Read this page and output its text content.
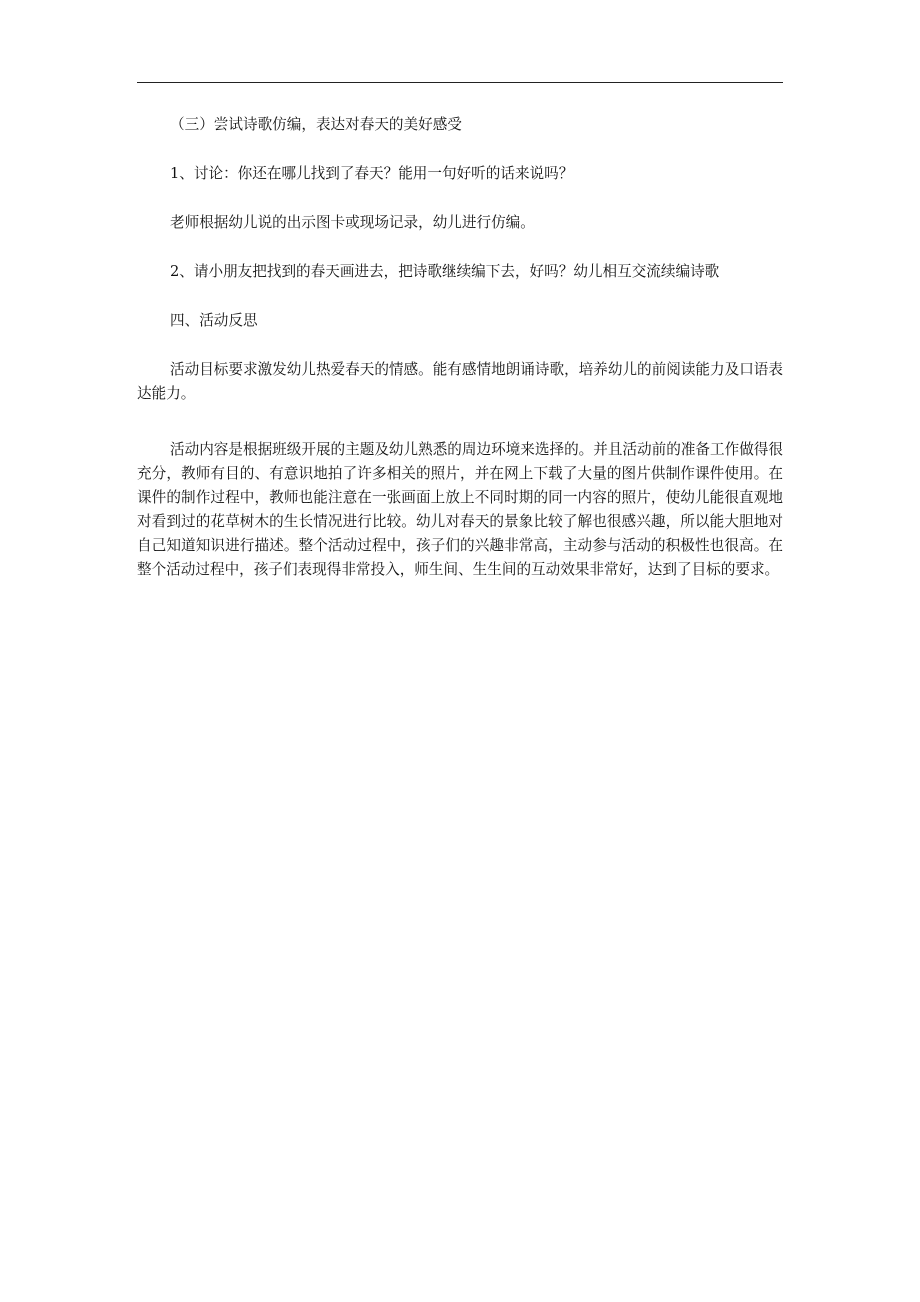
（三）尝试诗歌仿编，表达对春天的美好感受

1、讨论：你还在哪儿找到了春天？能用一句好听的话来说吗？

老师根据幼儿说的出示图卡或现场记录，幼儿进行仿编。

2、请小朋友把找到的春天画进去，把诗歌继续编下去，好吗？幼儿相互交流续编诗歌

四、活动反思

活动目标要求激发幼儿热爱春天的情感。能有感情地朗诵诗歌，培养幼儿的前阅读能力及口语表达能力。

活动内容是根据班级开展的主题及幼儿熟悉的周边环境来选择的。并且活动前的准备工作做得很充分，教师有目的、有意识地拍了许多相关的照片，并在网上下载了大量的图片供制作课件使用。在课件的制作过程中，教师也能注意在一张画面上放上不同时期的同一内容的照片，使幼儿能很直观地对看到过的花草树木的生长情况进行比较。幼儿对春天的景象比较了解也很感兴趣，所以能大胆地对自己知道知识进行描述。整个活动过程中，孩子们的兴趣非常高，主动参与活动的积极性也很高。在整个活动过程中，孩子们表现得非常投入，师生间、生生间的互动效果非常好，达到了目标的要求。
